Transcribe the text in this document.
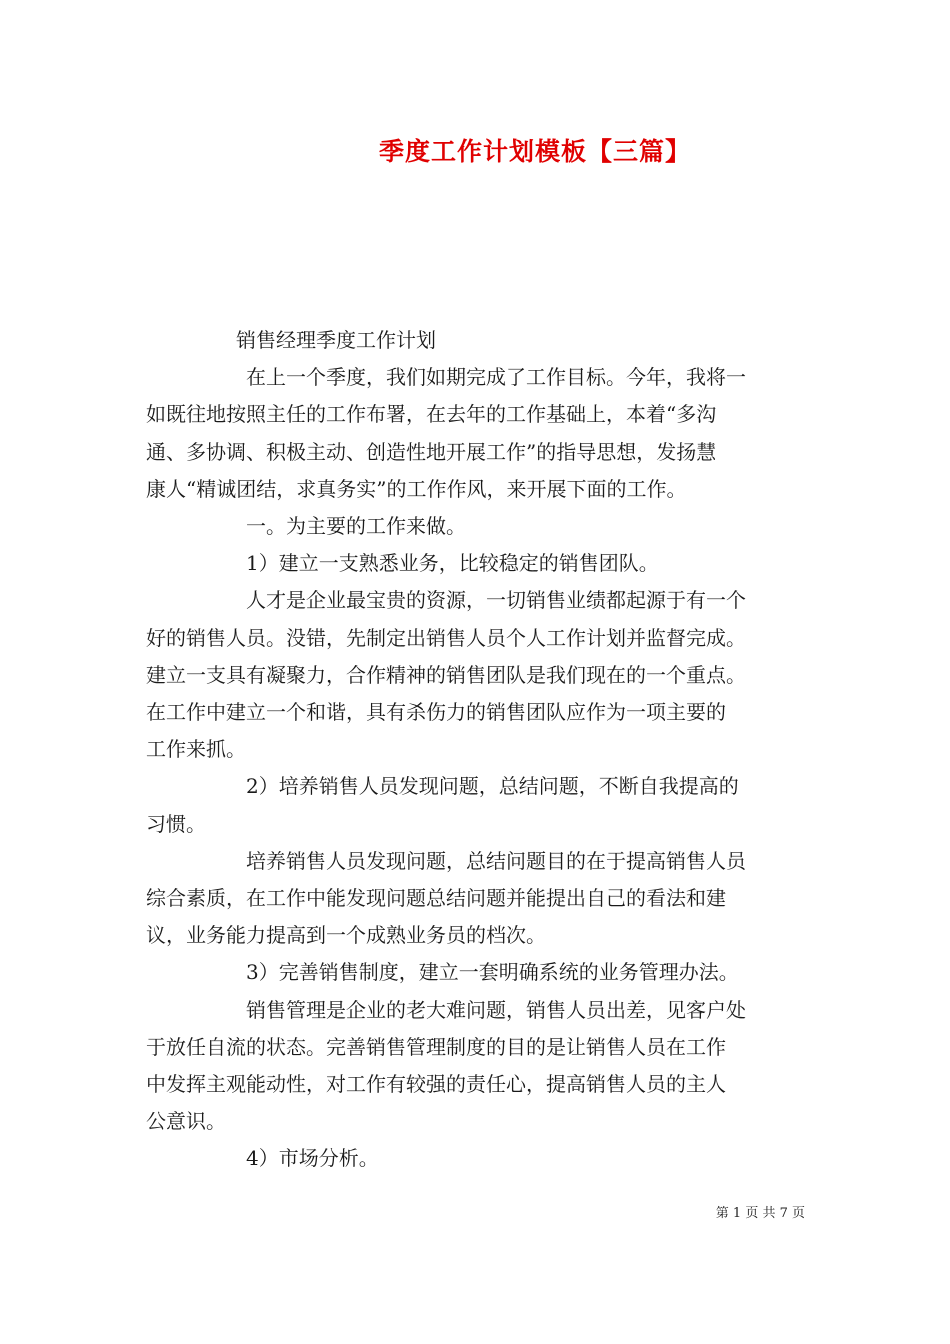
季度工作计划模板【三篇】

销售经理季度工作计划

在上一个季度，我们如期完成了工作目标。今年，我将一

如既往地按照主任的工作布署，在去年的工作基础上，本着“多沟

通、多协调、积极主动、创造性地开展工作”的指导思想，发扬慧

康人“精诚团结，求真务实”的工作作风，来开展下面的工作。

一。为主要的工作来做。

1）建立一支熟悉业务，比较稳定的销售团队。

人才是企业最宝贵的资源，一切销售业绩都起源于有一个

好的销售人员。没错，先制定出销售人员个人工作计划并监督完成。

建立一支具有凝聚力，合作精神的销售团队是我们现在的一个重点。

在工作中建立一个和谐，具有杀伤力的销售团队应作为一项主要的

工作来抓。

2）培养销售人员发现问题，总结问题，不断自我提高的

习惯。

培养销售人员发现问题，总结问题目的在于提高销售人员

综合素质，在工作中能发现问题总结问题并能提出自己的看法和建

议，业务能力提高到一个成熟业务员的档次。

3）完善销售制度，建立一套明确系统的业务管理办法。

销售管理是企业的老大难问题，销售人员出差，见客户处

于放任自流的状态。完善销售管理制度的目的是让销售人员在工作

中发挥主观能动性，对工作有较强的责任心，提高销售人员的主人

公意识。

4）市场分析。

第 1 页 共 7 页
